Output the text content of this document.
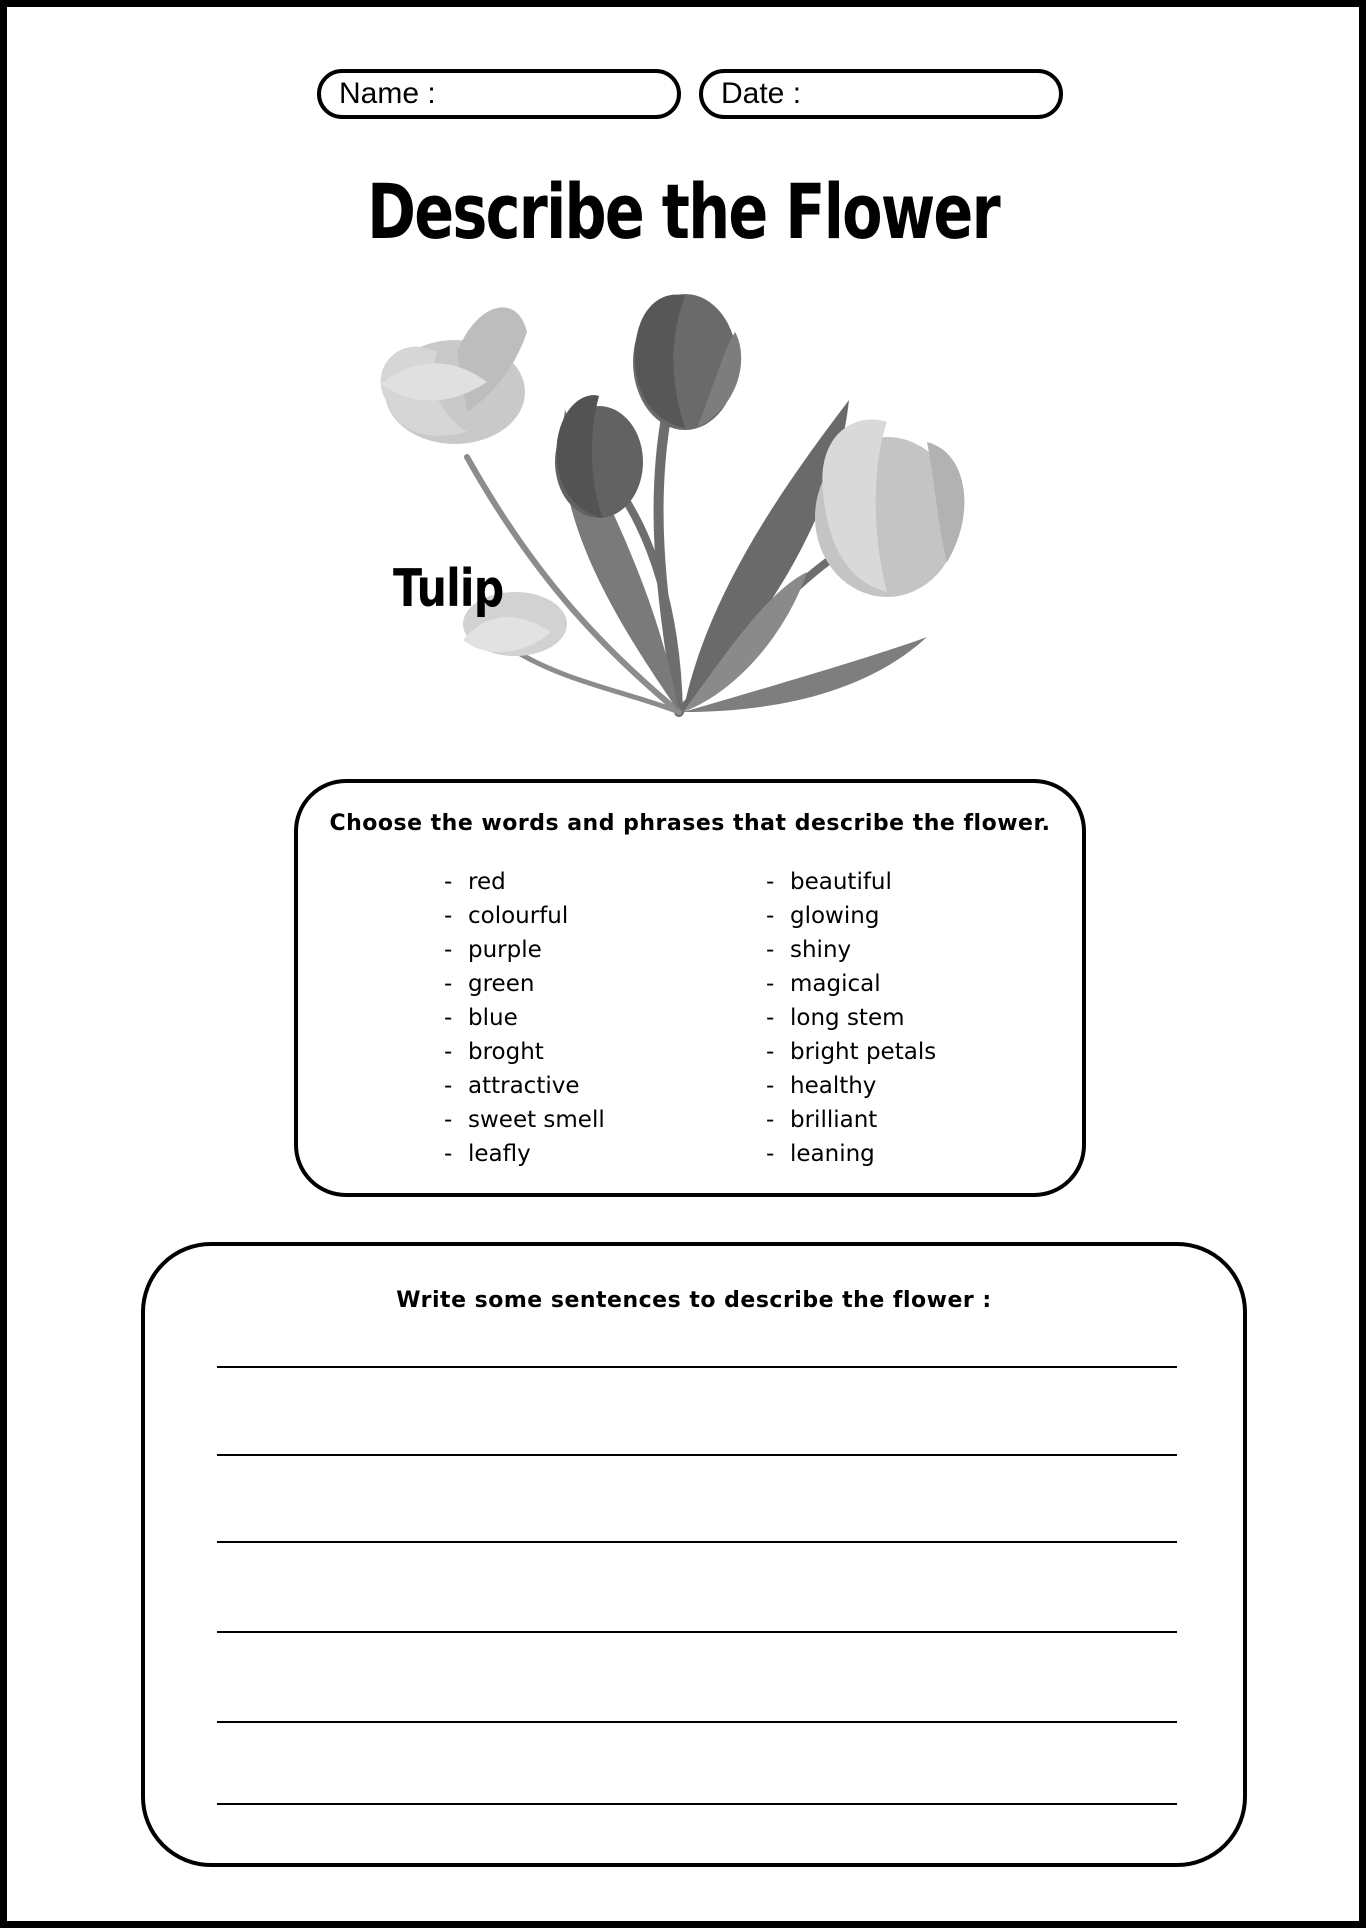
Name :	Date :
Describe the Flower
Tulip
Choose the words and phrases that describe the flower.
- red
- colourful
- purple
- green
- blue
- broght
- attractive
- sweet smell
- leafly
- beautiful
- glowing
- shiny
- magical
- long stem
- bright petals
- healthy
- brilliant
- leaning
Write some sentences to describe the flower :
